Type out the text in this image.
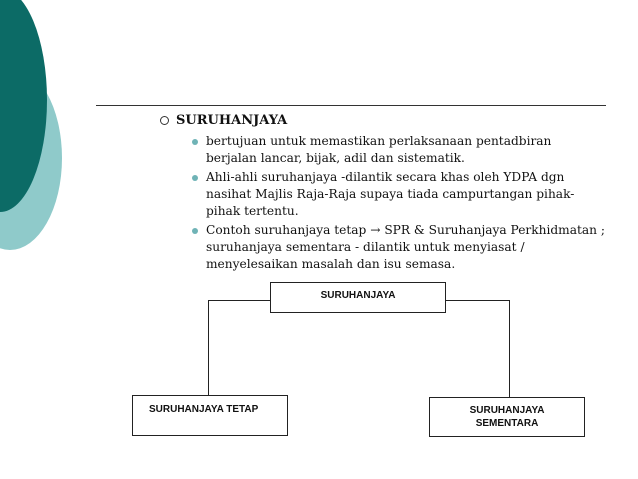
SURUHANJAYA
bertujuan untuk memastikan perlaksanaan pentadbiran berjalan lancar, bijak, adil dan sistematik.
Ahli-ahli suruhanjaya -dilantik secara khas oleh YDPA dgn nasihat Majlis Raja-Raja supaya tiada campurtangan pihak-pihak tertentu.
Contoh suruhanjaya tetap → SPR & Suruhanjaya Perkhidmatan ; suruhanjaya sementara - dilantik untuk menyiasat / menyelesaikan masalah dan isu semasa.
SURUHANJAYA
SURUHANJAYA TETAP	SURUHANJAYA
SEMENTARA
